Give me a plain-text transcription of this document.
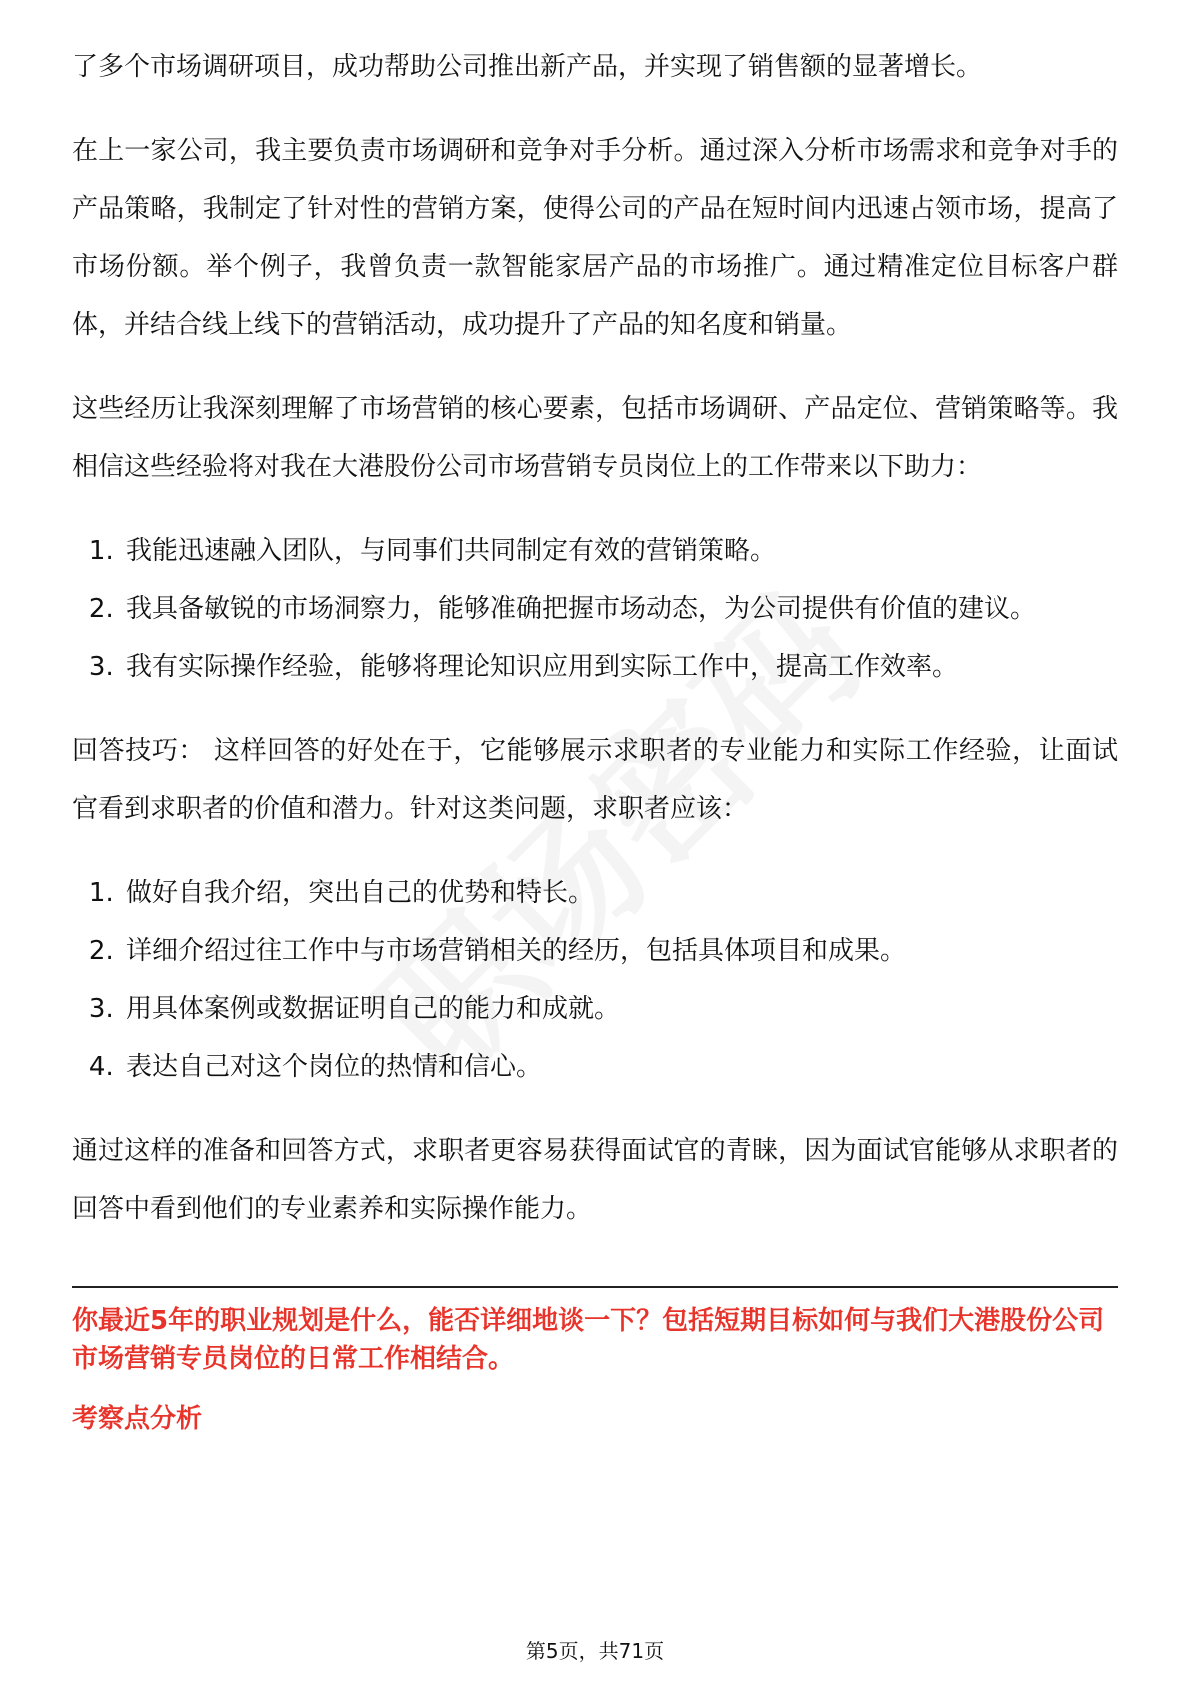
了多个市场调研项目，成功帮助公司推出新产品，并实现了销售额的显著增长。

在上一家公司，我主要负责市场调研和竞争对手分析。通过深入分析市场需求和竞争对手的产品策略，我制定了针对性的营销方案，使得公司的产品在短时间内迅速占领市场，提高了市场份额。举个例子，我曾负责一款智能家居产品的市场推广。通过精准定位目标客户群体，并结合线上线下的营销活动，成功提升了产品的知名度和销量。

这些经历让我深刻理解了市场营销的核心要素，包括市场调研、产品定位、营销策略等。我相信这些经验将对我在大港股份公司市场营销专员岗位上的工作带来以下助力：

1. 我能迅速融入团队，与同事们共同制定有效的营销策略。
2. 我具备敏锐的市场洞察力，能够准确把握市场动态，为公司提供有价值的建议。
3. 我有实际操作经验，能够将理论知识应用到实际工作中，提高工作效率。

回答技巧： 这样回答的好处在于，它能够展示求职者的专业能力和实际工作经验，让面试官看到求职者的价值和潜力。针对这类问题，求职者应该：

1. 做好自我介绍，突出自己的优势和特长。
2. 详细介绍过往工作中与市场营销相关的经历，包括具体项目和成果。
3. 用具体案例或数据证明自己的能力和成就。
4. 表达自己对这个岗位的热情和信心。

通过这样的准备和回答方式，求职者更容易获得面试官的青睐，因为面试官能够从求职者的回答中看到他们的专业素养和实际操作能力。

你最近5年的职业规划是什么，能否详细地谈一下？包括短期目标如何与我们大港股份公司市场营销专员岗位的日常工作相结合。
考察点分析
第5页，共71页
